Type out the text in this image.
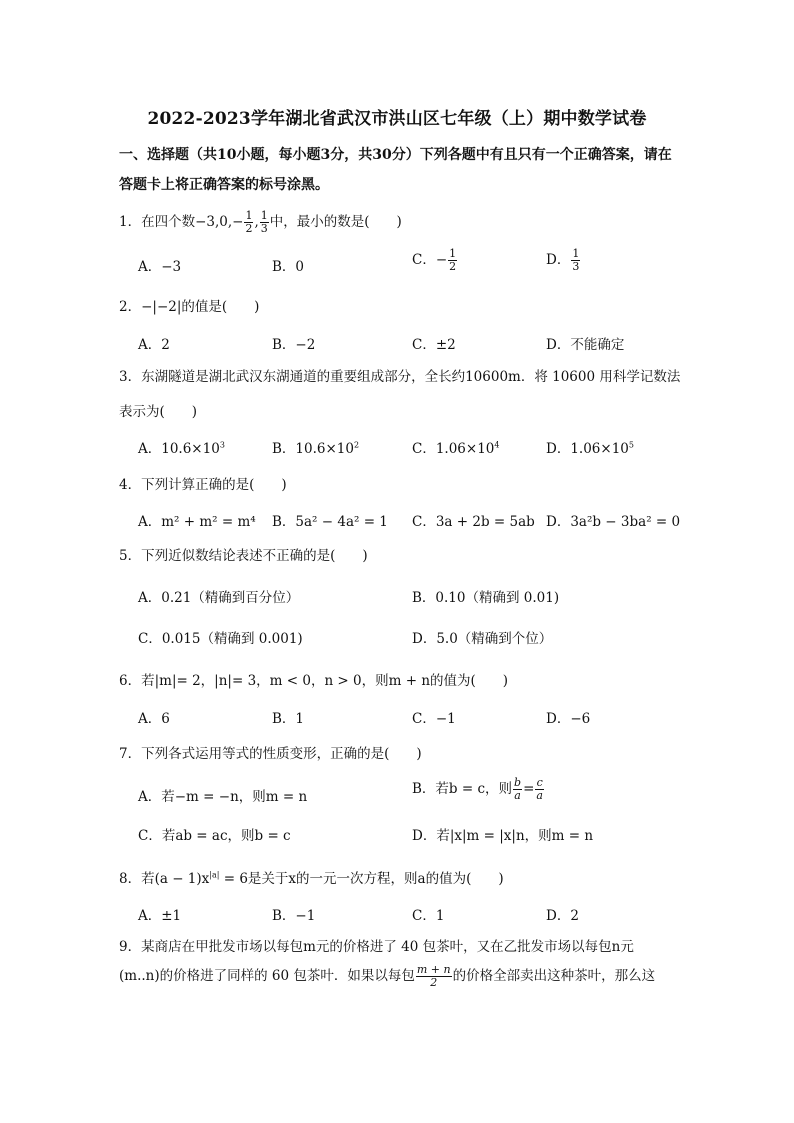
2022-2023学年湖北省武汉市洪山区七年级（上）期中数学试卷
一、选择题（共10小题，每小题3分，共30分）下列各题中有且只有一个正确答案，请在答题卡上将正确答案的标号涂黑。
1．在四个数$-3,0,- \frac{1}{2}$ , $\frac{1}{3}$ 中，最小的数是(　　)
A．−3	B．0	C．− $\frac{1}{2}$	D． $\frac{1}{3}$
2．−|−2|的值是(　　)
A．2	B．−2	C．±2	D．不能确定
3．东湖隧道是湖北武汉东湖通道的重要组成部分，全长约10600m．将 10600 用科学记数法
表示为(　　)
A．$10.6\times 10^3$	B．$10.6\times 10^2$	C．$1.06\times 10^4$	D．$1.06\times 10^5$
4．下列计算正确的是(　　)
A．m² + m² = m⁴ B．5a² − 4a² = 1 C．3a + 2b = 5ab D．3a²b − 3ba² = 0
5．下列近似数结论表述不正确的是(　　)
A．0.21（精确到百分位）	B．0.10（精确到 0.01)
C．0.015（精确到 0.001)	D．5.0（精确到个位）
6．若|m|= 2，|n|= 3，m < 0，n > 0，则m + n的值为(　　)
A．6	B．1	C．−1	D．−6
7．下列各式运用等式的性质变形，正确的是(　　)
A．若−m = −n，则m = n	B．若b = c，则 $\frac{b}{a} = \frac{c}{a}$
C．若ab = ac，则b = c	D．若|x|m = |x|n，则m = n
8．若$(a - 1)x^{|a|} = 6$是关于x的一元一次方程，则a的值为(　　)
A．±1	B．−1	C．1	D．2
9．某商店在甲批发市场以每包m元的价格进了 40 包茶叶，又在乙批发市场以每包n元
(m..n)的价格进了同样的 60 包茶叶．如果以每包 $\frac{m + n}{2}$ 的价格全部卖出这种茶叶，那么这
